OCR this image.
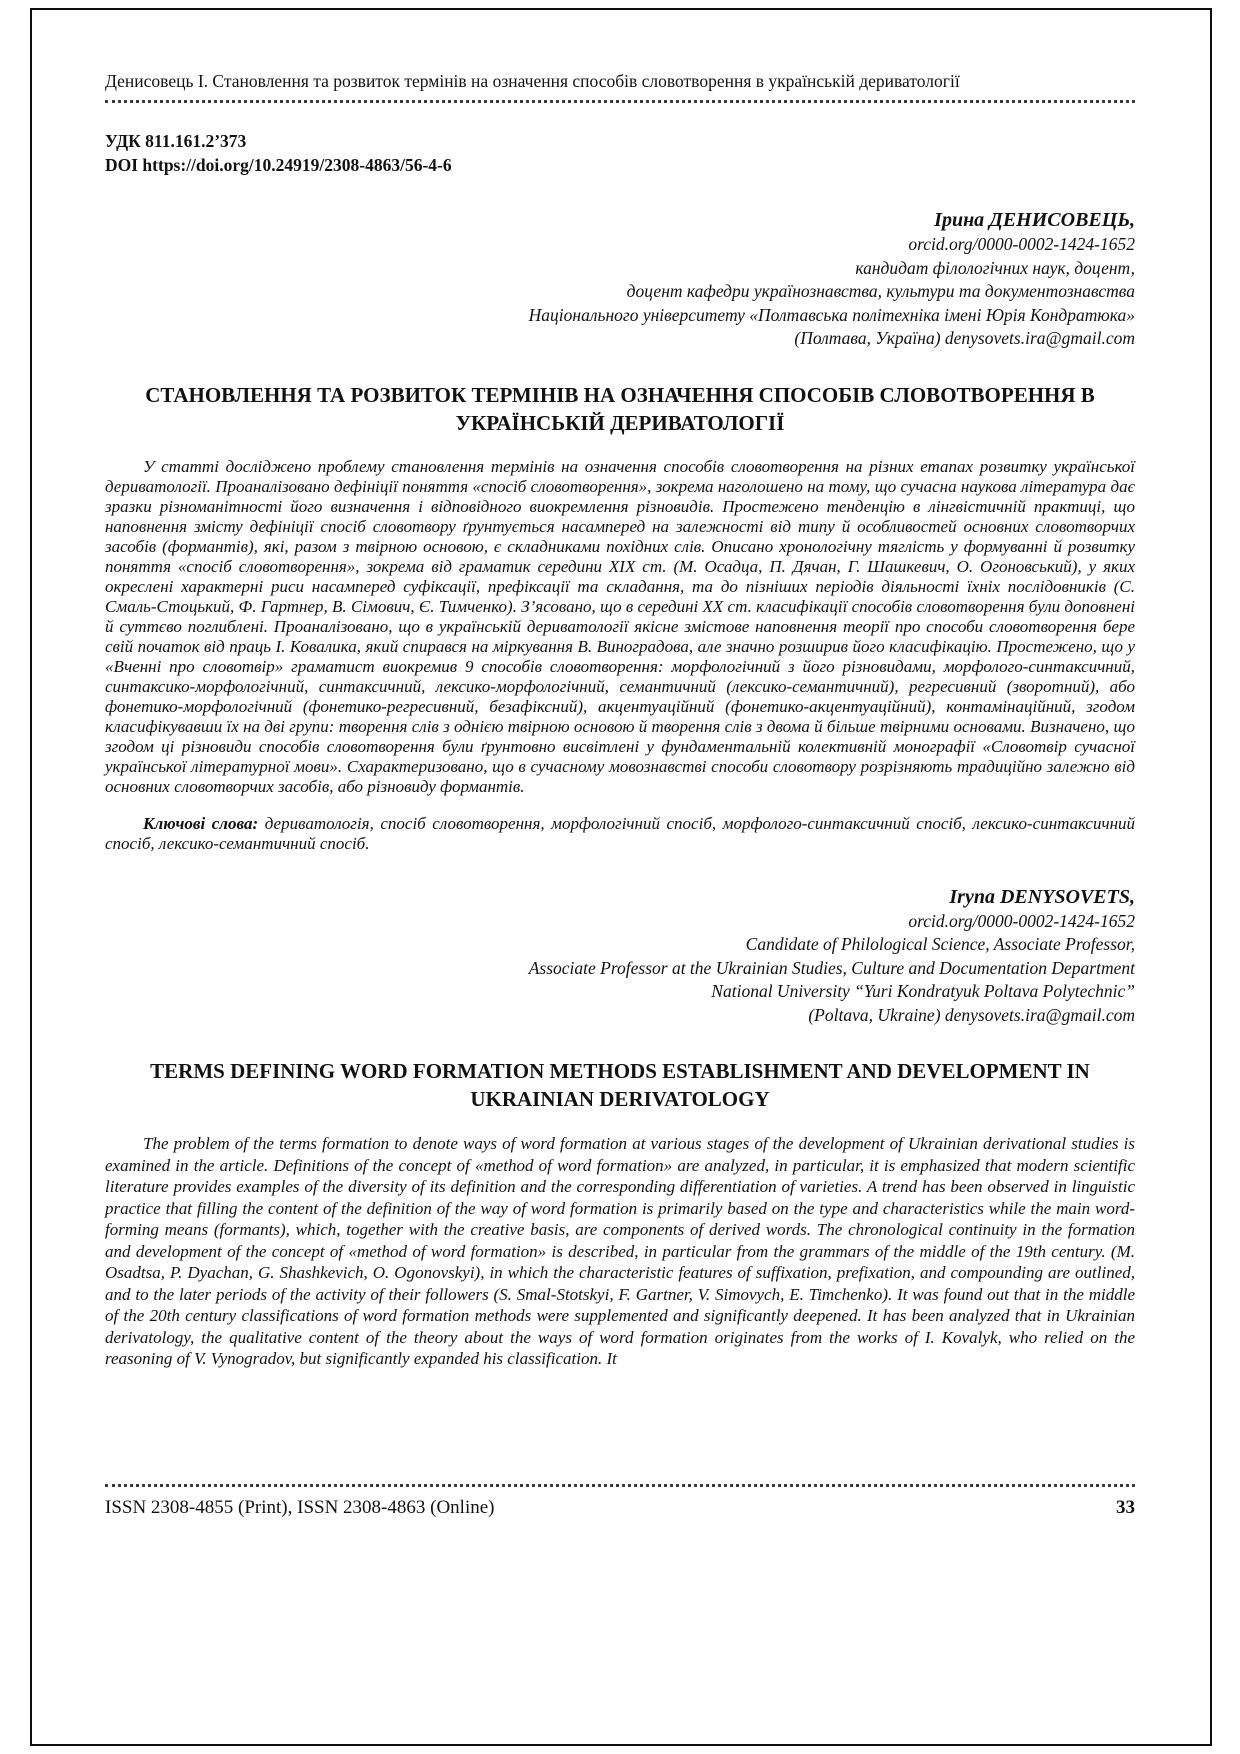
Денисовець І. Становлення та розвиток термінів на означення способів словотворення в українській дериватології
УДК 811.161.2’373
DOI https://doi.org/10.24919/2308-4863/56-4-6
Ірина ДЕНИСОВЕЦЬ,
orcid.org/0000-0002-1424-1652
кандидат філологічних наук, доцент,
доцент кафедри українознавства, культури та документознавства
Національного університету «Полтавська політехніка імені Юрія Кондратюка»
(Полтава, Україна) denysovets.ira@gmail.com
СТАНОВЛЕННЯ ТА РОЗВИТОК ТЕРМІНІВ НА ОЗНАЧЕННЯ СПОСОБІВ СЛОВОТВОРЕННЯ В УКРАЇНСЬКІЙ ДЕРИВАТОЛОГІЇ

У статті досліджено проблему становлення термінів на означення способів словотворення на різних етапах розвитку української дериватології. Проаналізовано дефініції поняття «спосіб словотворення», зокрема наголошено на тому, що сучасна наукова література дає зразки різноманітності його визначення і відповідного виокремлення різновидів. Простежено тенденцію в лінгвістичній практиці, що наповнення змісту дефініції спосіб словотвору ґрунтується насамперед на залежності від типу й особливостей основних словотворчих засобів (формантів), які, разом з твірною основою, є складниками похідних слів. Описано хронологічну тяглість у формуванні й розвитку поняття «спосіб словотворення», зокрема від граматик середини XIX ст. (М. Осадца, П. Дячан, Г. Шашкевич, О. Огоновський), у яких окреслені характерні риси насамперед суфіксації, префіксації та складання, та до пізніших періодів діяльності їхніх послідовників (С. Смаль-Стоцький, Ф. Гартнер, В. Сімович, Є. Тимченко). З’ясовано, що в середині XX ст. класифікації способів словотворення були доповнені й суттєво поглиблені. Проаналізовано, що в українській дериватології якісне змістове наповнення теорії про способи словотворення бере свій початок від праць І. Ковалика, який спирався на міркування В. Виноградова, але значно розширив його класифікацію. Простежено, що у «Вченні про словотвір» граматист виокремив 9 способів словотворення: морфологічний з його різновидами, морфолого-синтаксичний, синтаксико-морфологічний, синтаксичний, лексико-морфологічний, семантичний (лексико-семантичний), регресивний (зворотний), або фонетико-морфологічний (фонетико-регресивний, безафіксний), акцентуаційний (фонетико-акцентуаційний), контамінаційний, згодом класифікувавши їх на дві групи: творення слів з однією твірною основою й творення слів з двома й більше твірними основами. Визначено, що згодом ці різновиди способів словотворення були ґрунтовно висвітлені у фундаментальній колективній монографії «Словотвір сучасної української літературної мови». Схарактеризовано, що в сучасному мовознавстві способи словотвору розрізняють традиційно залежно від основних словотворчих засобів, або різновиду формантів.

Ключові слова: дериватологія, спосіб словотворення, морфологічний спосіб, морфолого-синтаксичний спосіб, лексико-синтаксичний спосіб, лексико-семантичний спосіб.

Iryna DENYSOVETS,
orcid.org/0000-0002-1424-1652
Candidate of Philological Science, Associate Professor,
Associate Professor at the Ukrainian Studies, Culture and Documentation Department
National University “Yuri Kondratyuk Poltava Polytechnic”
(Poltava, Ukraine) denysovets.ira@gmail.com
TERMS DEFINING WORD FORMATION METHODS ESTABLISHMENT AND DEVELOPMENT IN UKRAINIAN DERIVATOLOGY

The problem of the terms formation to denote ways of word formation at various stages of the development of Ukrainian derivational studies is examined in the article. Definitions of the concept of «method of word formation» are analyzed, in particular, it is emphasized that modern scientific literature provides examples of the diversity of its definition and the corresponding differentiation of varieties. A trend has been observed in linguistic practice that filling the content of the definition of the way of word formation is primarily based on the type and characteristics while the main word-forming means (formants), which, together with the creative basis, are components of derived words. The chronological continuity in the formation and development of the concept of «method of word formation» is described, in particular from the grammars of the middle of the 19th century. (M. Osadtsa, P. Dyachan, G. Shashkevich, O. Ogonovskyi), in which the characteristic features of suffixation, prefixation, and compounding are outlined, and to the later periods of the activity of their followers (S. Smal-Stotskyi, F. Gartner, V. Simovych, E. Timchenko). It was found out that in the middle of the 20th century classifications of word formation methods were supplemented and significantly deepened. It has been analyzed that in Ukrainian derivatology, the qualitative content of the theory about the ways of word formation originates from the works of I. Kovalyk, who relied on the reasoning of V. Vynogradov, but significantly expanded his classification. It

ISSN 2308-4855 (Print), ISSN 2308-4863 (Online)	33
